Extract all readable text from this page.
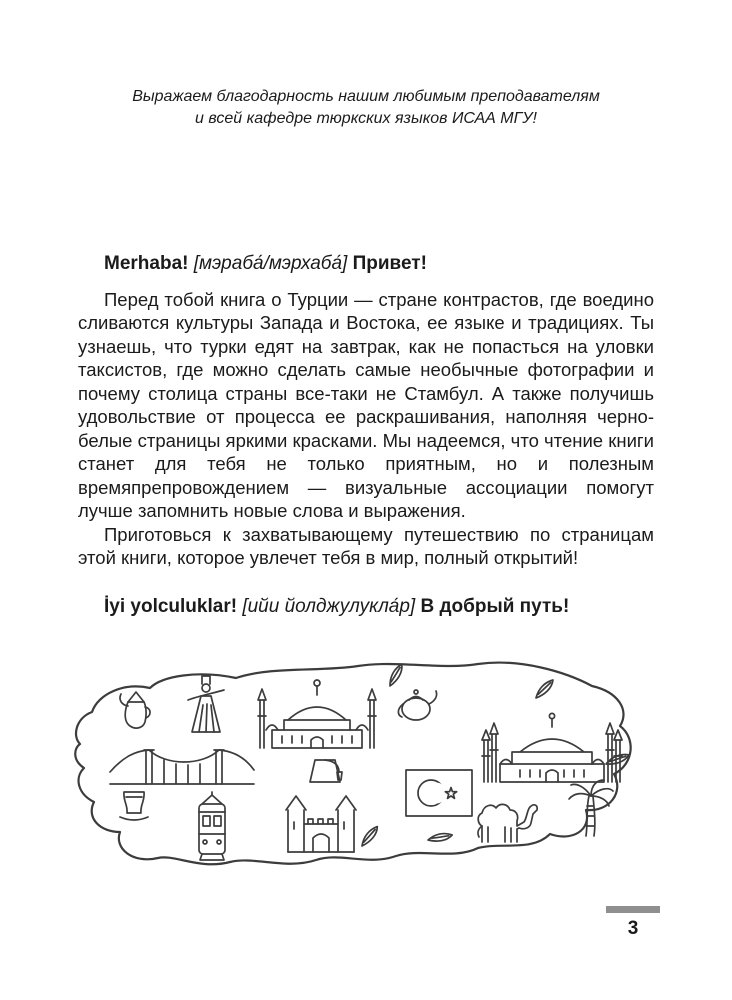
Выражаем благодарность нашим любимым преподавателям
и всей кафедре тюркских языков ИСАА МГУ!

Merhaba! [мэраба́/мэрхаба́] Привет!

Перед тобой книга о Турции — стране контрастов, где воедино сливаются культуры Запада и Востока, ее языке и традициях. Ты узнаешь, что турки едят на завтрак, как не попасться на уловки таксистов, где можно сделать самые необычные фотографии и почему столица страны все-таки не Стамбул. А также получишь удовольствие от процесса ее раскрашивания, наполняя черно-белые страницы яркими красками. Мы надеемся, что чтение книги станет для тебя не только приятным, но и полезным времяпрепровождением — визуальные ассоциации помогут лучше запомнить новые слова и выражения.

Приготовься к захватывающему путешествию по страницам этой книги, которое увлечет тебя в мир, полный открытий!

İyi yolculuklar! [ийи йолджулукла́р] В добрый путь!

3
